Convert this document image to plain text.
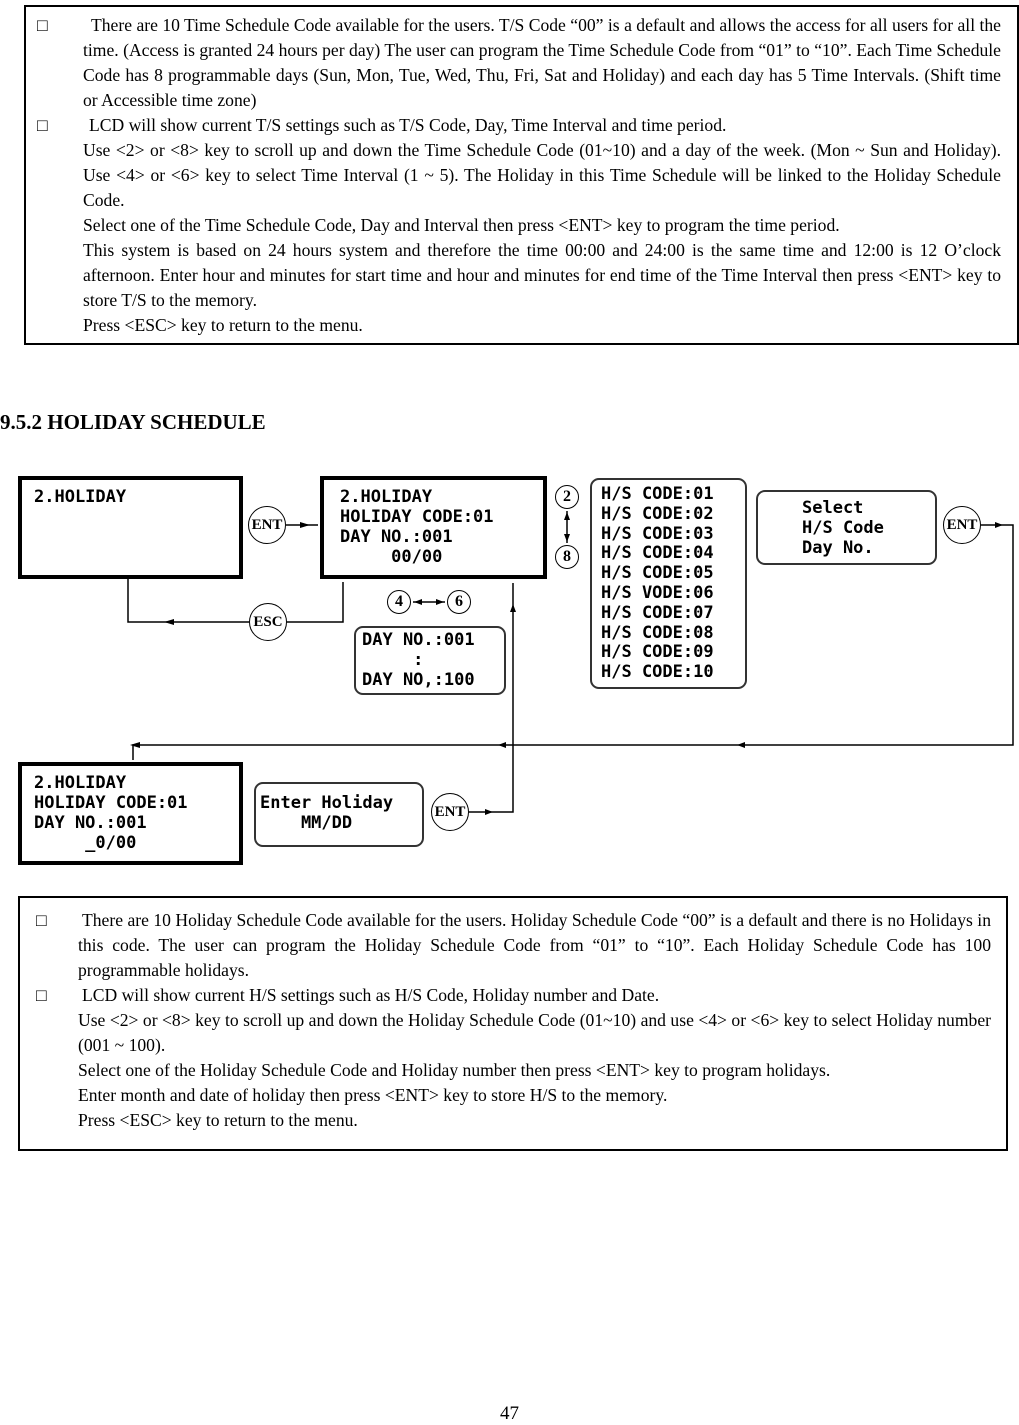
□	There are 10 Time Schedule Code available for the users. T/S Code “00” is a default and allows the access for all users for all the time. (Access is granted 24 hours per day) The user can program the Time Schedule Code from “01” to “10”. Each Time Schedule Code has 8 programmable days (Sun, Mon, Tue, Wed, Thu, Fri, Sat and Holiday) and each day has 5 Time Intervals. (Shift time or Accessible time zone)

□	LCD will show current T/S settings such as T/S Code, Day, Time Interval and time period.

Use <2> or <8> key to scroll up and down the Time Schedule Code (01~10) and a day of the week. (Mon ~ Sun and Holiday). Use <4> or <6> key to select Time Interval (1 ~ 5). The Holiday in this Time Schedule will be linked to the Holiday Schedule Code.

Select one of the Time Schedule Code, Day and Interval then press <ENT> key to program the time period.

This system is based on 24 hours system and therefore the time 00:00 and 24:00 is the same time and 12:00 is 12 O’clock afternoon. Enter hour and minutes for start time and hour and minutes for end time of the Time Interval then press <ENT> key to store T/S to the memory.

Press <ESC> key to return to the menu.

9.5.2 HOLIDAY SCHEDULE
2.HOLIDAY
ENT
2.HOLIDAY
HOLIDAY CODE:01
DAY NO.:001
00/00
2
8
ESC
4	6
DAY NO.:001
:
DAY NO,:100
H/S CODE:01
H/S CODE:02
H/S CODE:03
H/S CODE:04
H/S CODE:05
H/S VODE:06
H/S CODE:07
H/S CODE:08
H/S CODE:09
H/S CODE:10
Select
H/S Code
Day No.
ENT
2.HOLIDAY
HOLIDAY CODE:01
DAY NO.:001
_0/00
Enter Holiday
MM/DD
ENT
□ There are 10 Holiday Schedule Code available for the users. Holiday Schedule Code “00” is a default and there is no Holidays in this code. The user can program the Holiday Schedule Code from “01” to “10”. Each Holiday Schedule Code has 100 programmable holidays.

□ LCD will show current H/S settings such as H/S Code, Holiday number and Date.

Use <2> or <8> key to scroll up and down the Holiday Schedule Code (01~10) and use <4> or <6> key to select Holiday number (001 ~ 100).

Select one of the Holiday Schedule Code and Holiday number then press <ENT> key to program holidays.

Enter month and date of holiday then press <ENT> key to store H/S to the memory.

Press <ESC> key to return to the menu.

47
